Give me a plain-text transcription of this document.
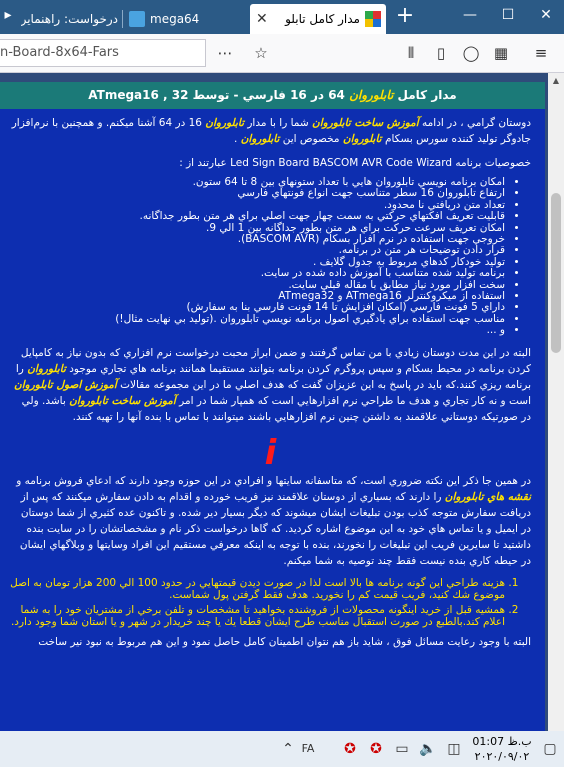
▸ درخواست: راهنماير	mega64	مدار كامل تابلو
✕	+	—	☐	✕
n-Board-8x64-Fars	⋯ ☆	⫴	▯	◯ ▦	≡
مدار كامل تابلوروان 64 در 16 فارسي - توسط 32 , ATmega16

دوستان گرامي ، در ادامه آموزش ساخت تابلوروان شما را با مدار تابلوروان 16 در 64 آشنا ميكنم. و همچنين با نرم‌افزار جادوگر توليد كننده سورس بسكام تابلوروان مخصوص اين تابلوروان .

خصوصيات برنامه Led Sign Board BASCOM AVR Code Wizard عبارتند از :
• امكان برنامه نويسي تابلوروان هايي با تعداد ستونهاي بين 8 تا 64 ستون.
• ارتفاع تابلوروان 16 سطر متناسب جهت انواع فونتهاي فارسي
• تعداد متن دريافتي نا محدود.
• قابليت تعريف افكتهاي حركتي به سمت چهار جهت اصلي براي هر متن بطور جداگانه.
• امكان تعريف سرعت حركت براي هر متن بطور جداگانه بين 1 الي 9.
• خروجي جهت استفاده در نرم افزار بسكام (BASCOM AVR).
• قرار دادن توضيحات هر متن در برنامه.
• توليد خودكار كدهاي مربوط به جدول گلايف .
• برنامه توليد شده متناسب با آموزش داده شده در سايت.
• سخت افزار مورد نياز مطابق با مقاله قبلي سايت.
• استفاده از ميكروكنترلر ATmega16 و ATmega32
• داراي 5 فونت فارسي (امكان افزايش تا 14 فونت فارسي بنا به سفارش)
• مناسب جهت استفاده براي يادگيري اصول برنامه نويسي تابلوروان .(توليد بي نهايت مثال!)
• و ...

البته در اين مدت دوستان زيادي با من تماس گرفتند و ضمن ابراز محبت درخواست نرم افزاري كه بدون نياز به كامپايل كردن برنامه در محيط بسكام و سپس پروگرم كردن برنامه بتوانند مستقيما همانند برنامه هاي تجاري موجود تابلوروان را برنامه ريزي كنند.كه بايد در پاسخ به اين عزيزان گفت كه هدف اصلي ما در اين مجموعه مقالات آموزش اصول تابلوروان است و نه كار تجاري و هدف ما طراحي نرم افزارهايي است كه همپار شما در امر آموزش ساخت تابلوروان باشد. ولي در صورتيكه دوستاني علاقمند به داشتن چنين نرم افزارهايي باشند ميتوانند با تماس با بنده آنها را تهيه كنند.

i

در همين جا ذكر اين نكته ضروري است، كه متاسفانه سايتها و افرادي در اين حوزه وجود دارند كه ادعاي فروش برنامه و نقشه هاي تابلوروان را دارند كه بسياري از دوستان علاقمند نيز فريب خورده و اقدام به دادن سفارش ميكنند كه پس از دريافت سفارش متوجه كذب بودن تبليغات ايشان ميشوند كه ديگر بسيار دير شده. و تاكنون عده كثيري از شما دوستان در ايميل و يا تماس هاي خود به اين موضوع اشاره كرديد. كه گاها درخواست ذكر نام و مشخصاتشان را در سايت بنده داشتيد تا سايرين فريب اين تبليغات را نخورند، بنده با توجه به اينكه معرفي مستقيم اين افراد وسايتها و وبلاگهاي ايشان در حيطه كاري بنده نيست فقط چند توصيه به شما ميكنم.

1. هزينه طراحي اين گونه برنامه ها بالا است لذا در صورت ديدن قيمتهايي در حدود 100 الي 200 هزار تومان به اصل موضوع شك كنيد، فريب قيمت كم را نخوريد. هدف فقط گرفتن پول شماست.
2. همشيه قبل از خريد اينگونه محصولات از فروشنده بخواهيد تا مشخصات و تلفن برخي از مشتريان خود را به شما اعلام كند.بالطبع در صورت استقبال مناسب طرح ايشان قطعا يك يا چند خريدار در شهر و يا استان شما وجود دارد.

البته با وجود رعايت مسائل فوق ، شايد باز هم نتوان اطمينان كامل حاصل نمود و اين هم مربوط به نبود نير ساخت

▲
⌃ FA ✪ ✪ ▭ 🔈 ◫	ب.ظ 01:07
۲۰۲۰/۰۹/۰۲	▢
